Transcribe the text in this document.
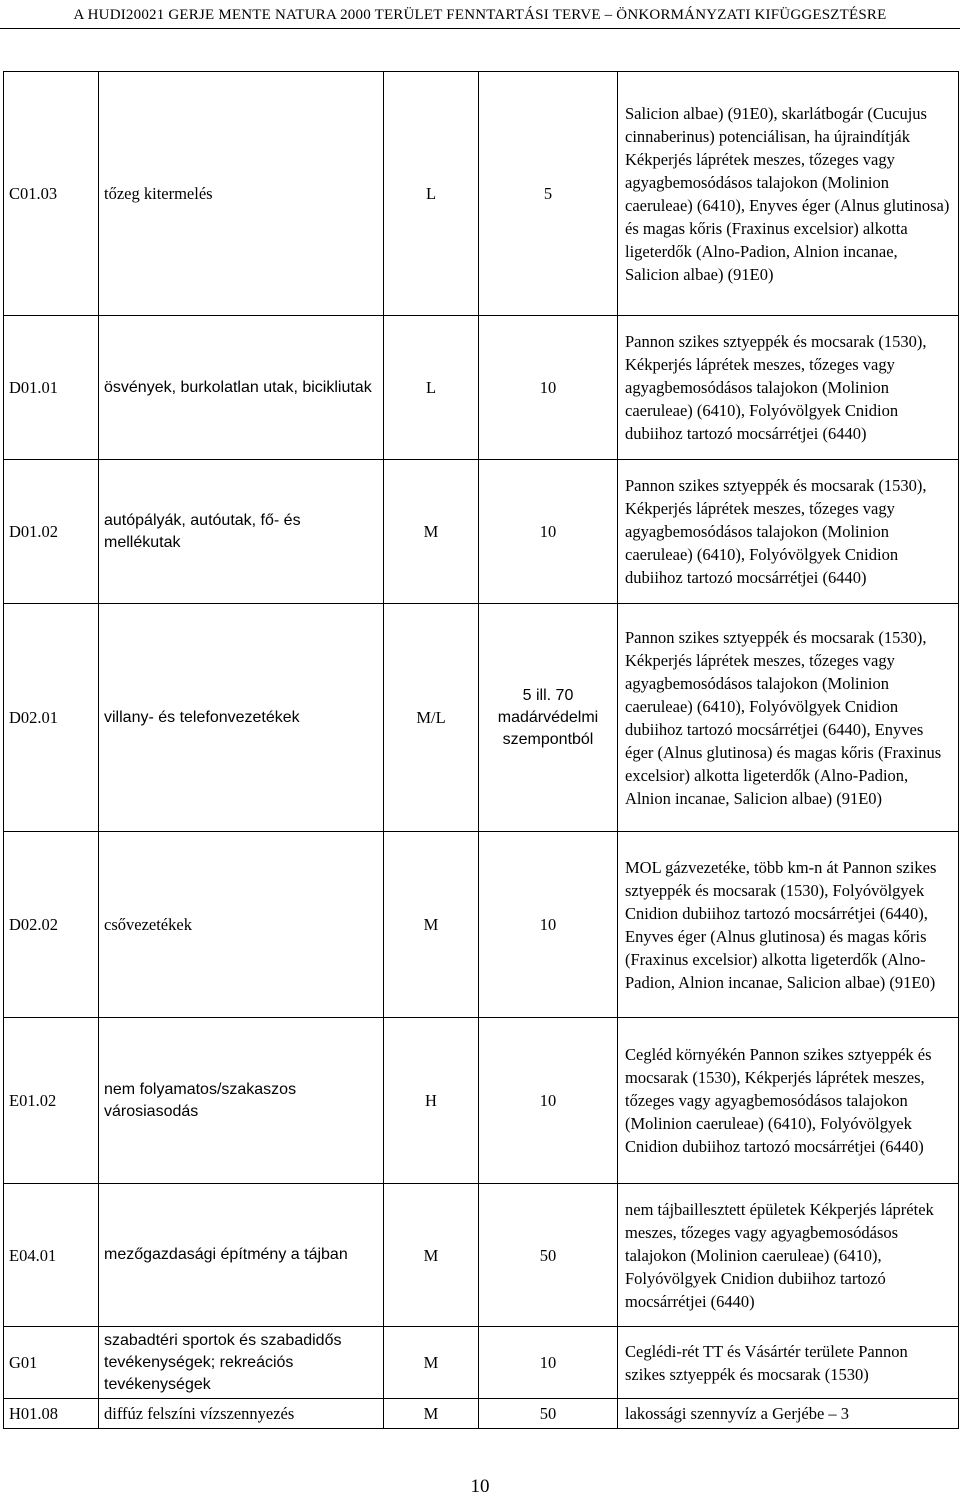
A HUDI20021 GERJE MENTE NATURA 2000 TERÜLET FENNTARTÁSI TERVE – ÖNKORMÁNYZATI KIFÜGGESZTÉSRE
C01.03	tőzeg kitermelés	L	5	Salicion albae) (91E0), skarlátbogár (Cucujus cinnaberinus) potenciálisan, ha újraindítják Kékperjés láprétek meszes, tőzeges vagy agyagbemosódásos talajokon (Molinion caeruleae) (6410), Enyves éger (Alnus glutinosa) és magas kőris (Fraxinus excelsior) alkotta ligeterdők (Alno-Padion, Alnion incanae, Salicion albae) (91E0)
D01.01	ösvények, burkolatlan utak, bicikliutak	L	10	Pannon szikes sztyeppék és mocsarak (1530), Kékperjés láprétek meszes, tőzeges vagy agyagbemosódásos talajokon (Molinion caeruleae) (6410), Folyóvölgyek Cnidion dubiihoz tartozó mocsárrétjei (6440)
D01.02	autópályák, autóutak, fő- és mellékutak	M	10	Pannon szikes sztyeppék és mocsarak (1530), Kékperjés láprétek meszes, tőzeges vagy agyagbemosódásos talajokon (Molinion caeruleae) (6410), Folyóvölgyek Cnidion dubiihoz tartozó mocsárrétjei (6440)
D02.01	villany- és telefonvezetékek	M/L	5 ill. 70 madárvédelmi szempontból	Pannon szikes sztyeppék és mocsarak (1530), Kékperjés láprétek meszes, tőzeges vagy agyagbemosódásos talajokon (Molinion caeruleae) (6410), Folyóvölgyek Cnidion dubiihoz tartozó mocsárrétjei (6440), Enyves éger (Alnus glutinosa) és magas kőris (Fraxinus excelsior) alkotta ligeterdők (Alno-Padion, Alnion incanae, Salicion albae) (91E0)
D02.02	csővezetékek	M	10	MOL gázvezetéke, több km-n át Pannon szikes sztyeppék és mocsarak (1530), Folyóvölgyek Cnidion dubiihoz tartozó mocsárrétjei (6440), Enyves éger (Alnus glutinosa) és magas kőris (Fraxinus excelsior) alkotta ligeterdők (Alno-Padion, Alnion incanae, Salicion albae) (91E0)
E01.02	nem folyamatos/szakaszos városiasodás	H	10	Cegléd környékén Pannon szikes sztyeppék és mocsarak (1530), Kékperjés láprétek meszes, tőzeges vagy agyagbemosódásos talajokon (Molinion caeruleae) (6410), Folyóvölgyek Cnidion dubiihoz tartozó mocsárrétjei (6440)
E04.01	mezőgazdasági építmény a tájban	M	50	nem tájbaillesztett épületek Kékperjés láprétek meszes, tőzeges vagy agyagbemosódásos talajokon (Molinion caeruleae) (6410), Folyóvölgyek Cnidion dubiihoz tartozó mocsárrétjei (6440)
G01	szabadtéri sportok és szabadidős tevékenységek; rekreációs tevékenységek	M	10	Ceglédi-rét TT és Vásártér területe Pannon szikes sztyeppék és mocsarak (1530)
H01.08	diffúz felszíni vízszennyezés	M	50	lakossági szennyvíz a Gerjébe – 3
10
